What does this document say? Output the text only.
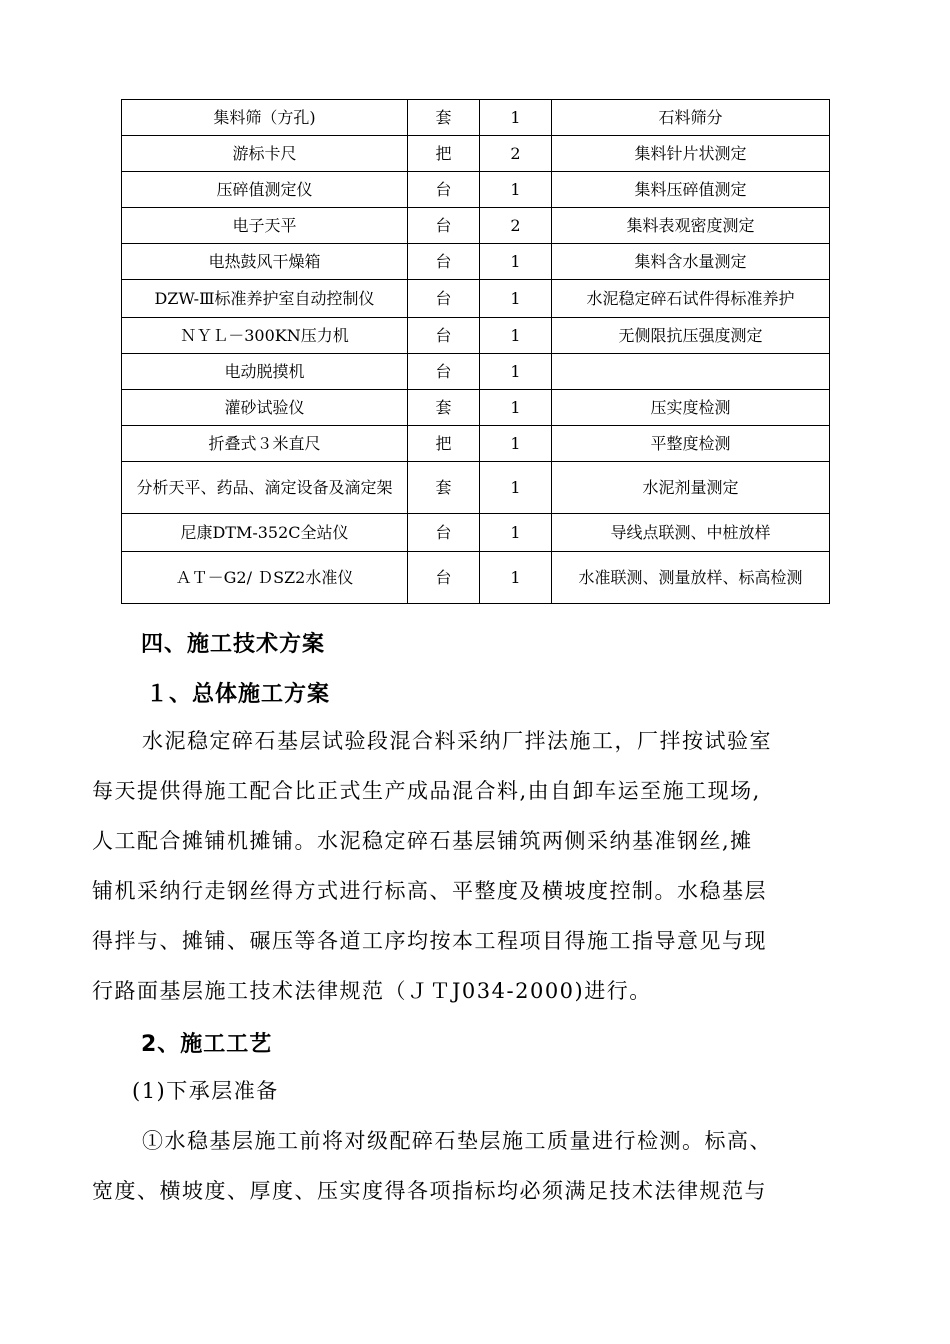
集料筛（方孔)	套	1	石料筛分
游标卡尺	把	2	集料针片状测定
压碎值测定仪	台	1	集料压碎值测定
电子天平	台	2	集料表观密度测定
电热鼓风干燥箱	台	1	集料含水量测定
DZW-Ⅲ标准养护室自动控制仪	台	1	水泥稳定碎石试件得标准养护
ＮＹＬ－300KN压力机	台	1	无侧限抗压强度测定
电动脱摸机	台	1	
灌砂试验仪	套	1	压实度检测
折叠式３米直尺	把	1	平整度检测
分析天平、药品、滴定设备及滴定架	套	1	水泥剂量测定
尼康DTM-352C全站仪	台	1	导线点联测、中桩放样
ＡＴ－G2/ ＤSZ2水准仪	台	1	水准联测、测量放样、标高检测
四、施工技术方案
１、总体施工方案
水泥稳定碎石基层试验段混合料采纳厂拌法施工，厂拌按试验室
每天提供得施工配合比正式生产成品混合料,由自卸车运至施工现场,
人工配合摊铺机摊铺。水泥稳定碎石基层铺筑两侧采纳基准钢丝,摊
铺机采纳行走钢丝得方式进行标高、平整度及横坡度控制。水稳基层
得拌与、摊铺、碾压等各道工序均按本工程项目得施工指导意见与现
行路面基层施工技术法律规范（ＪＴJ034-2000)进行。
2、施工工艺
(1)下承层准备
①水稳基层施工前将对级配碎石垫层施工质量进行检测。标高、
宽度、横坡度、厚度、压实度得各项指标均必须满足技术法律规范与
